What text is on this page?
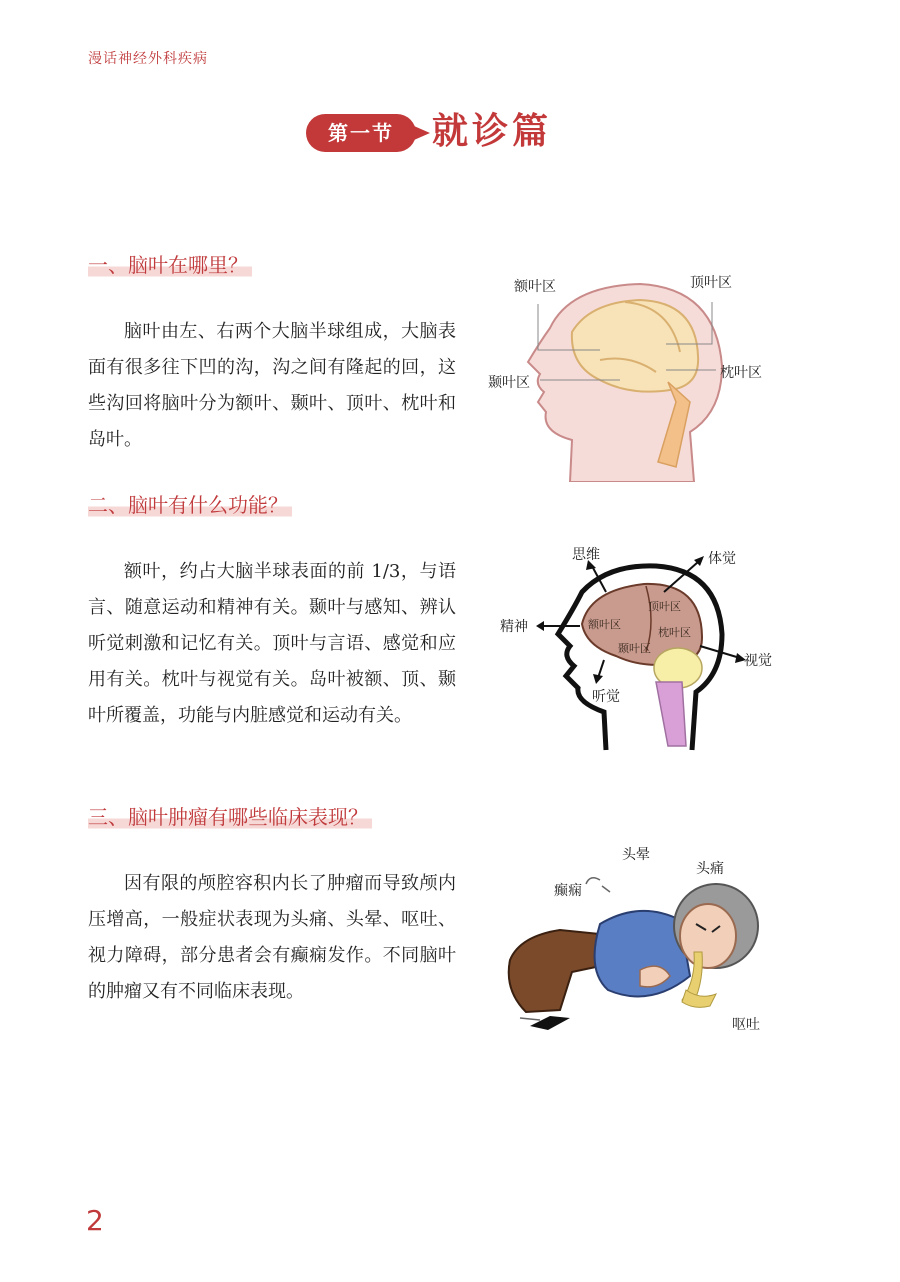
漫话神经外科疾病
第一节	就诊篇
一、脑叶在哪里？
脑叶由左、右两个大脑半球组成，大脑表面有很多往下凹的沟，沟之间有隆起的回，这些沟回将脑叶分为额叶、颞叶、顶叶、枕叶和岛叶。
额叶区	顶叶区
颞叶区
枕叶区
二、脑叶有什么功能？
额叶，约占大脑半球表面的前 1/3，与语言、随意运动和精神有关。颞叶与感知、辨认听觉刺激和记忆有关。顶叶与言语、感觉和应用有关。枕叶与视觉有关。岛叶被额、顶、颞叶所覆盖，功能与内脏感觉和运动有关。
思维	体觉
精神
视觉
听觉
顶叶区
额叶区
枕叶区
颞叶区
三、脑叶肿瘤有哪些临床表现？
因有限的颅腔容积内长了肿瘤而导致颅内压增高，一般症状表现为头痛、头晕、呕吐、视力障碍，部分患者会有癫痫发作。不同脑叶的肿瘤又有不同临床表现。
头晕
头痛
癫痫
呕吐
2
